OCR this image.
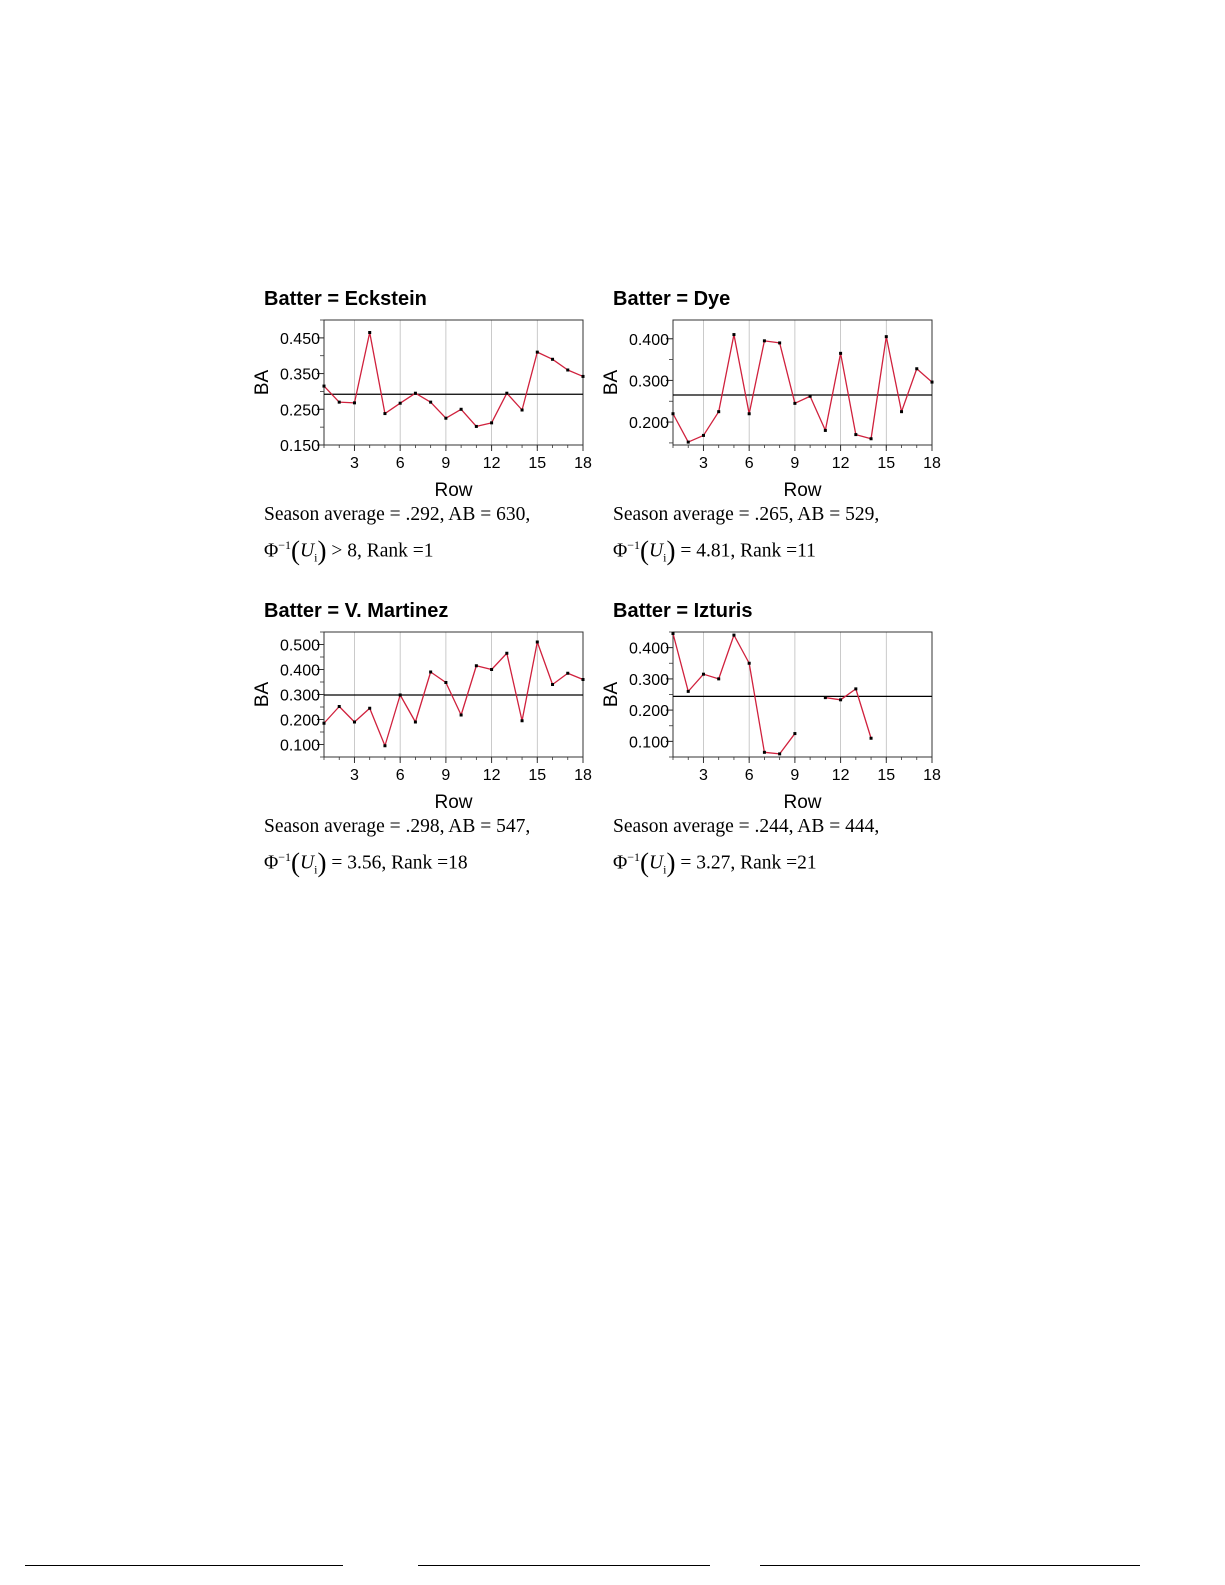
Batter = Eckstein
0.150
0.250
0.350
0.450
3 6 9 12 15 18
Row
BA
Season average = .292, AB = 630,
$\Phi^{-1}(U_i) > 8$, Rank =1
Batter = Dye
0.200
0.300
0.400
3 6 9 12 15 18
Row
BA
Season average = .265, AB = 529,
$\Phi^{-1}(U_i) = 4.81$, Rank =11
Batter = V. Martinez
0.100
0.200
0.300
0.400
0.500
3 6 9 12 15 18
Row
BA
Season average = .298, AB = 547,
$\Phi^{-1}(U_i) = 3.56$, Rank =18
Batter = Izturis
0.100
0.200
0.300
0.400
3 6 9 12 15 18
Row
BA
Season average = .244, AB = 444,
$\Phi^{-1}(U_i) = 3.27$, Rank =21
